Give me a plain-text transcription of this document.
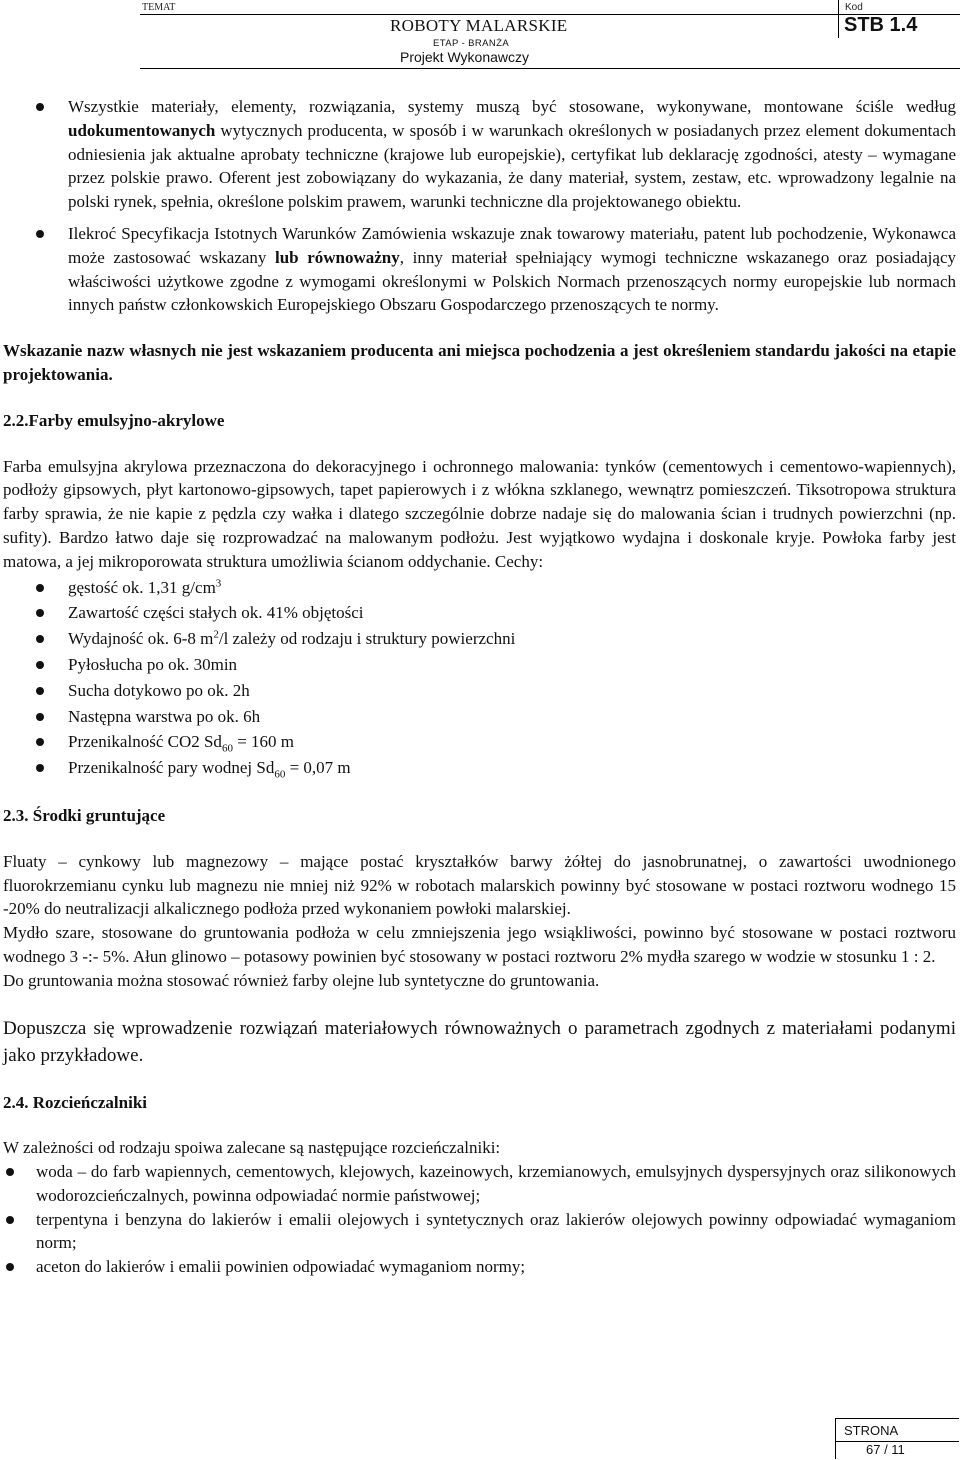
TEMAT	Kod
ROBOTY MALARSKIE	STB 1.4
ETAP - BRANŻA
Projekt Wykonawczy
Wszystkie materiały, elementy, rozwiązania, systemy muszą być stosowane, wykonywane, montowane ściśle według udokumentowanych wytycznych producenta, w sposób i w warunkach określonych w posiadanych przez element dokumentach odniesienia jak aktualne aprobaty techniczne (krajowe lub europejskie), certyfikat lub deklarację zgodności, atesty – wymagane przez polskie prawo. Oferent jest zobowiązany do wykazania, że dany materiał, system, zestaw, etc. wprowadzony legalnie na polski rynek, spełnia, określone polskim prawem, warunki techniczne dla projektowanego obiektu.
Ilekroć Specyfikacja Istotnych Warunków Zamówienia wskazuje znak towarowy materiału, patent lub pochodzenie, Wykonawca może zastosować wskazany lub równoważny, inny materiał spełniający wymogi techniczne wskazanego oraz posiadający właściwości użytkowe zgodne z wymogami określonymi w Polskich Normach przenoszących normy europejskie lub normach innych państw członkowskich Europejskiego Obszaru Gospodarczego przenoszących te normy.

Wskazanie nazw własnych nie jest wskazaniem producenta ani miejsca pochodzenia a jest określeniem standardu jakości na etapie projektowania.

2.2.Farby emulsyjno-akrylowe

Farba emulsyjna akrylowa przeznaczona do dekoracyjnego i ochronnego malowania: tynków (cementowych i cementowo-wapiennych), podłoży gipsowych, płyt kartonowo-gipsowych, tapet papierowych i z włókna szklanego, wewnątrz pomieszczeń. Tiksotropowa struktura farby sprawia, że nie kapie z pędzla czy wałka i dlatego szczególnie dobrze nadaje się do malowania ścian i trudnych powierzchni (np. sufity). Bardzo łatwo daje się rozprowadzać na malowanym podłożu. Jest wyjątkowo wydajna i doskonale kryje. Powłoka farby jest matowa, a jej mikroporowata struktura umożliwia ścianom oddychanie. Cechy:

gęstość ok. 1,31 $g/cm^3$
Zawartość części stałych ok. 41% objętości
Wydajność ok. 6-8 $m^2/l$ zależy od rodzaju i struktury powierzchni
Pyłosłucha po ok. 30min
Sucha dotykowo po ok. 2h
Następna warstwa po ok. 6h
Przenikalność CO2 $Sd_{60} = 160$ m
Przenikalność pary wodnej $Sd_{60} = 0,07$ m

2.3. Środki gruntujące

Fluaty – cynkowy lub magnezowy – mające postać kryształków barwy żółtej do jasnobrunatnej, o zawartości uwodnionego fluorokrzemianu cynku lub magnezu nie mniej niż 92% w robotach malarskich powinny być stosowane w postaci roztworu wodnego 15 -20% do neutralizacji alkalicznego podłoża przed wykonaniem powłoki malarskiej.

Mydło szare, stosowane do gruntowania podłoża w celu zmniejszenia jego wsiąkliwości, powinno być stosowane w postaci roztworu wodnego 3 -:- 5%. Ałun glinowo – potasowy powinien być stosowany w postaci roztworu 2% mydła szarego w wodzie w stosunku 1 : 2.

Do gruntowania można stosować również farby olejne lub syntetyczne do gruntowania.

Dopuszcza się wprowadzenie rozwiązań materiałowych równoważnych o parametrach zgodnych z materiałami podanymi jako przykładowe.

2.4. Rozcieńczalniki

W zależności od rodzaju spoiwa zalecane są następujące rozcieńczalniki:

woda – do farb wapiennych, cementowych, klejowych, kazeinowych, krzemianowych, emulsyjnych dyspersyjnych oraz silikonowych wodorozcieńczalnych, powinna odpowiadać normie państwowej;
terpentyna i benzyna do lakierów i emalii olejowych i syntetycznych oraz lakierów olejowych powinny odpowiadać wymaganiom norm;
aceton do lakierów i emalii powinien odpowiadać wymaganiom normy;
STRONA
67 / 11
